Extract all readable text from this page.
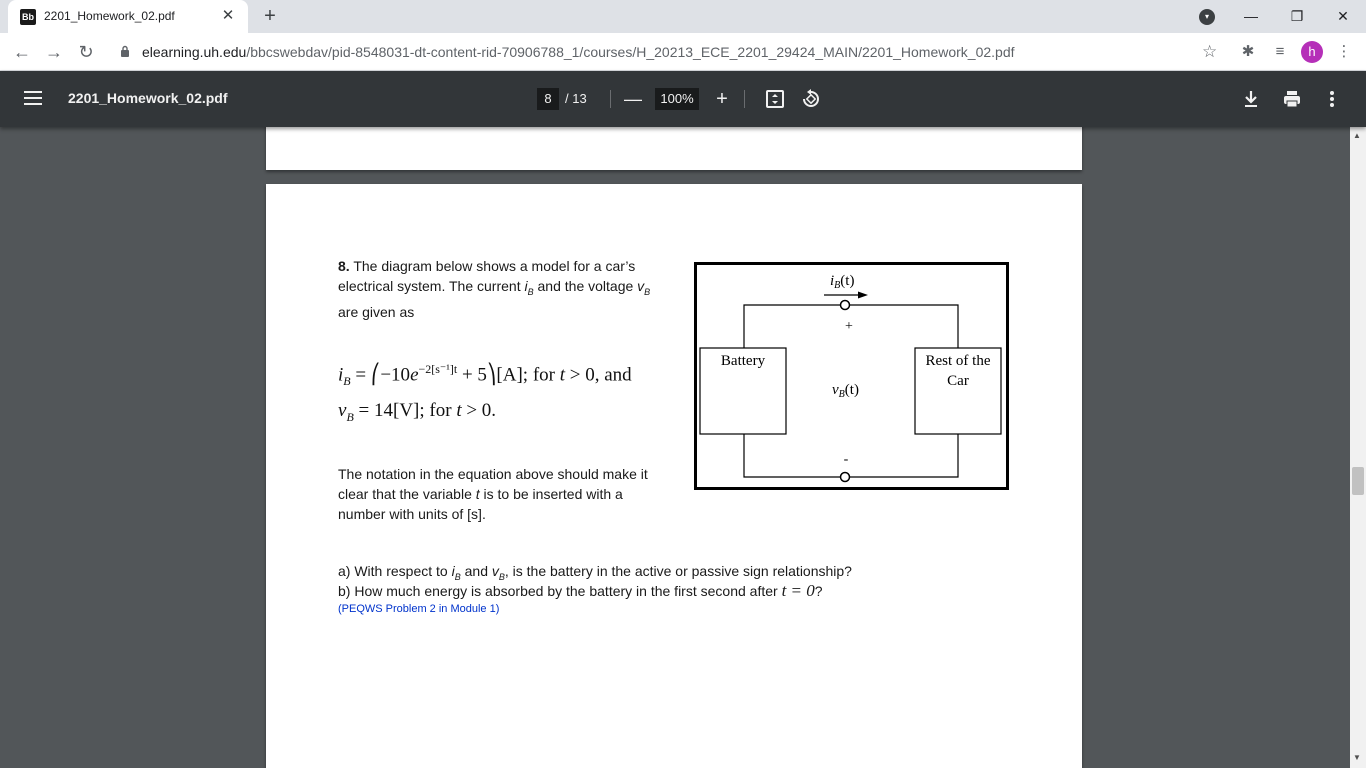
Bb 2201_Homework_02.pdf	✕	+	▾	—	❐	✕
← → ↻	elearning.uh.edu/bbcswebdav/pid-8548031-dt-content-rid-70906788_1/courses/H_20213_ECE_2201_29424_MAIN/2201_Homework_02.pdf	☆ ✱	≡	h	⋮
2201_Homework_02.pdf	8	/ 13 —	100% +
8. The diagram below shows a model for a car’s
electrical system. The current $i_B$ and the voltage $v_B$
are given as
$i_B$ = $⎛-10e^{-2[s^{-1}]t}$ + 5⎞[A]; for t > 0, and
$v_B = 14[V]$; for t > 0.
The notation in the equation above should make it
clear that the variable t is to be inserted with a
number with units of [s].
a) With respect to $i_B$ and $v_B$, is the battery in the active or passive sign relationship?
b) How much energy is absorbed by the battery in the first second after t = 0?
(PEQWS Problem 2 in Module 1)
$i_B(t)$
Battery	Rest of the
Car
+
-
$v_B(t)$
▲
▼
